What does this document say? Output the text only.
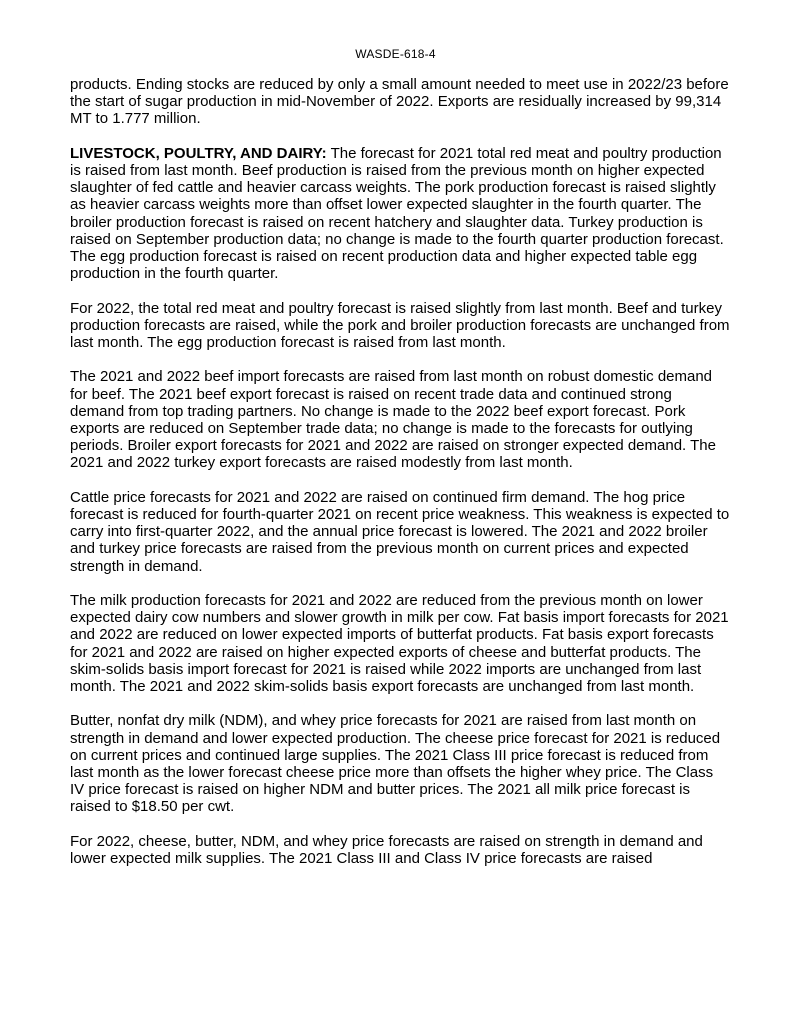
WASDE-618-4

products. Ending stocks are reduced by only a small amount needed to meet use in 2022/23 before the start of sugar production in mid-November of 2022. Exports are residually increased by 99,314 MT to 1.777 million.

LIVESTOCK, POULTRY, AND DAIRY: The forecast for 2021 total red meat and poultry production is raised from last month. Beef production is raised from the previous month on higher expected slaughter of fed cattle and heavier carcass weights. The pork production forecast is raised slightly as heavier carcass weights more than offset lower expected slaughter in the fourth quarter. The broiler production forecast is raised on recent hatchery and slaughter data. Turkey production is raised on September production data; no change is made to the fourth quarter production forecast. The egg production forecast is raised on recent production data and higher expected table egg production in the fourth quarter.

For 2022, the total red meat and poultry forecast is raised slightly from last month. Beef and turkey production forecasts are raised, while the pork and broiler production forecasts are unchanged from last month. The egg production forecast is raised from last month.

The 2021 and 2022 beef import forecasts are raised from last month on robust domestic demand for beef. The 2021 beef export forecast is raised on recent trade data and continued strong demand from top trading partners. No change is made to the 2022 beef export forecast. Pork exports are reduced on September trade data; no change is made to the forecasts for outlying periods. Broiler export forecasts for 2021 and 2022 are raised on stronger expected demand. The 2021 and 2022 turkey export forecasts are raised modestly from last month.

Cattle price forecasts for 2021 and 2022 are raised on continued firm demand. The hog price forecast is reduced for fourth-quarter 2021 on recent price weakness. This weakness is expected to carry into first-quarter 2022, and the annual price forecast is lowered. The 2021 and 2022 broiler and turkey price forecasts are raised from the previous month on current prices and expected strength in demand.

The milk production forecasts for 2021 and 2022 are reduced from the previous month on lower expected dairy cow numbers and slower growth in milk per cow. Fat basis import forecasts for 2021 and 2022 are reduced on lower expected imports of butterfat products. Fat basis export forecasts for 2021 and 2022 are raised on higher expected exports of cheese and butterfat products. The skim-solids basis import forecast for 2021 is raised while 2022 imports are unchanged from last month. The 2021 and 2022 skim-solids basis export forecasts are unchanged from last month.

Butter, nonfat dry milk (NDM), and whey price forecasts for 2021 are raised from last month on strength in demand and lower expected production. The cheese price forecast for 2021 is reduced on current prices and continued large supplies. The 2021 Class III price forecast is reduced from last month as the lower forecast cheese price more than offsets the higher whey price. The Class IV price forecast is raised on higher NDM and butter prices. The 2021 all milk price forecast is raised to $18.50 per cwt.

For 2022, cheese, butter, NDM, and whey price forecasts are raised on strength in demand and lower expected milk supplies. The 2021 Class III and Class IV price forecasts are raised
